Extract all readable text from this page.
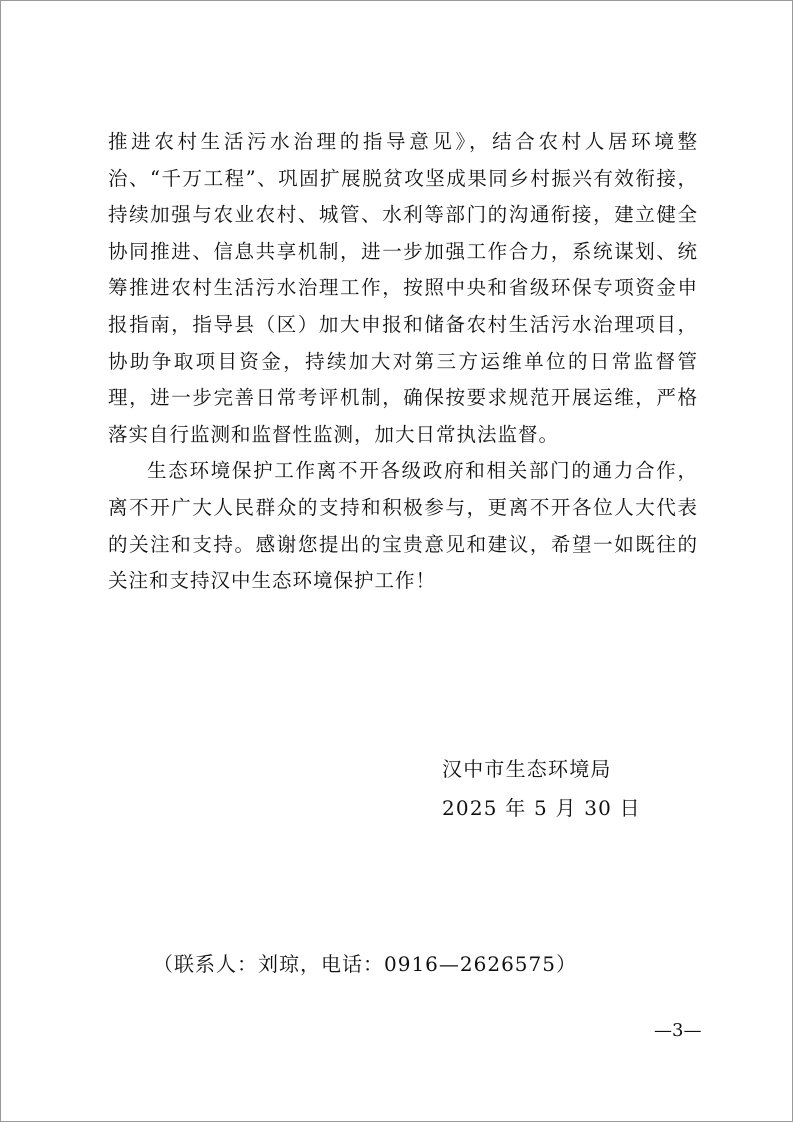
推进农村生活污水治理的指导意见》，结合农村人居环境整治、“千万工程”、巩固扩展脱贫攻坚成果同乡村振兴有效衔接，持续加强与农业农村、城管、水利等部门的沟通衔接，建立健全协同推进、信息共享机制，进一步加强工作合力，系统谋划、统筹推进农村生活污水治理工作，按照中央和省级环保专项资金申报指南，指导县（区）加大申报和储备农村生活污水治理项目，协助争取项目资金，持续加大对第三方运维单位的日常监督管理，进一步完善日常考评机制，确保按要求规范开展运维，严格落实自行监测和监督性监测，加大日常执法监督。

生态环境保护工作离不开各级政府和相关部门的通力合作，离不开广大人民群众的支持和积极参与，更离不开各位人大代表的关注和支持。感谢您提出的宝贵意见和建议，希望一如既往的关注和支持汉中生态环境保护工作！

汉中市生态环境局
2025 年 5 月 30 日
（联系人：刘琼，电话：0916—2626575）
—3—
